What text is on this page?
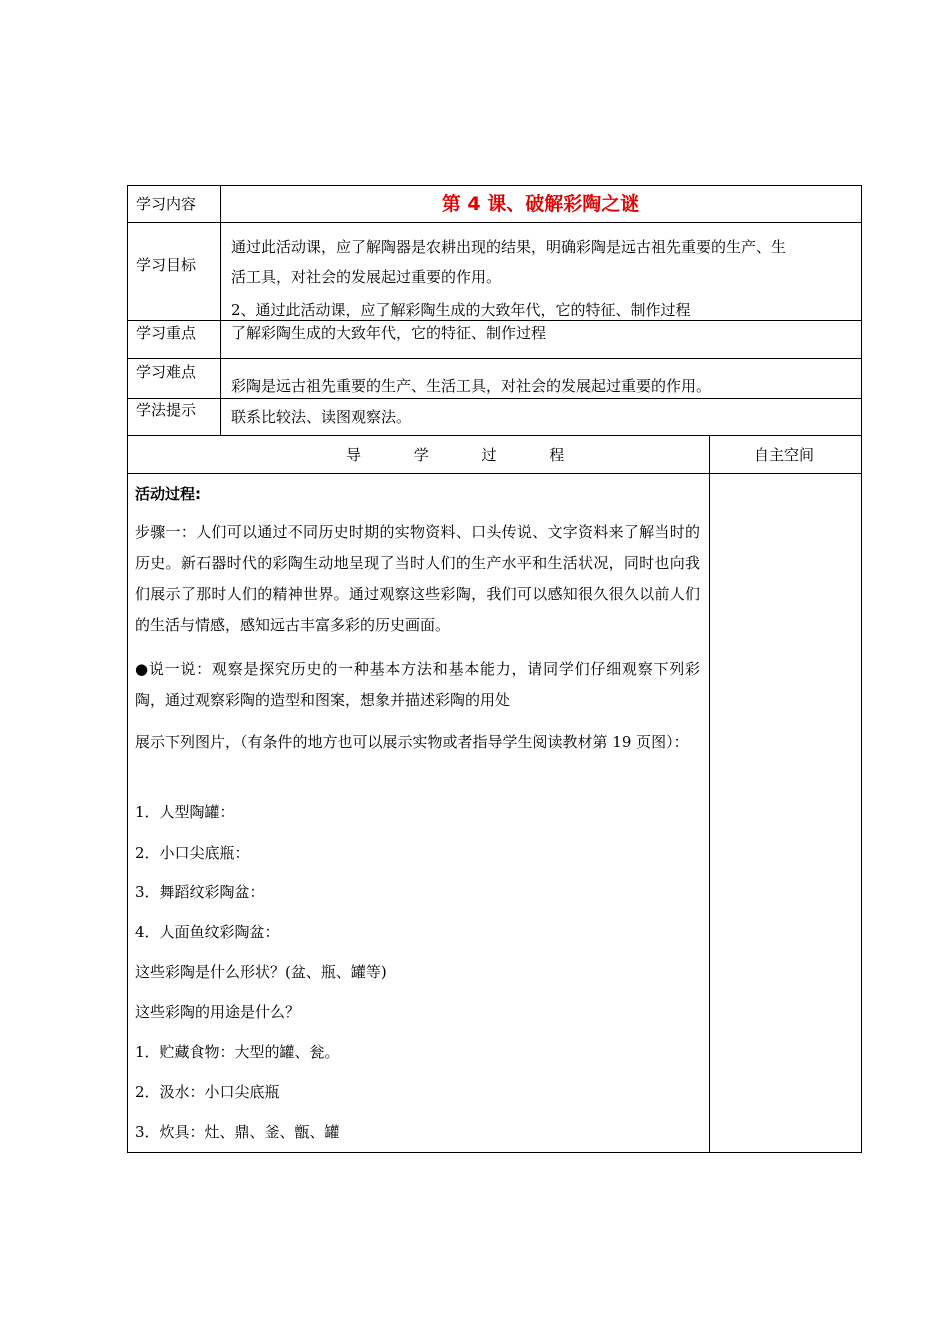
学习内容
学习目标
学习重点
学习难点
学法提示
第 4 课、破解彩陶之谜
通过此活动课，应了解陶器是农耕出现的结果，明确彩陶是远古祖先重要的生产、生
活工具，对社会的发展起过重要的作用。
2、通过此活动课，应了解彩陶生成的大致年代，它的特征、制作过程
了解彩陶生成的大致年代，它的特征、制作过程
彩陶是远古祖先重要的生产、生活工具，对社会的发展起过重要的作用。
联系比较法、读图观察法。
导 学 过 程	自主空间
活动过程:
步骤一：人们可以通过不同历史时期的实物资料、口头传说、文字资料来了解当时的历史。新石器时代的彩陶生动地呈现了当时人们的生产水平和生活状况，同时也向我们展示了那时人们的精神世界。通过观察这些彩陶，我们可以感知很久很久以前人们的生活与情感，感知远古丰富多彩的历史画面。
●说一说：观察是探究历史的一种基本方法和基本能力，请同学们仔细观察下列彩陶，通过观察彩陶的造型和图案，想象并描述彩陶的用处
展示下列图片，（有条件的地方也可以展示实物或者指导学生阅读教材第 19 页图）：
1．人型陶罐：
2．小口尖底瓶：
3．舞蹈纹彩陶盆：
4．人面鱼纹彩陶盆：
这些彩陶是什么形状？(盆、瓶、罐等)
这些彩陶的用途是什么？
1．贮藏食物：大型的罐、瓮。
2．汲水：小口尖底瓶
3．炊具：灶、鼎、釜、甑、罐
